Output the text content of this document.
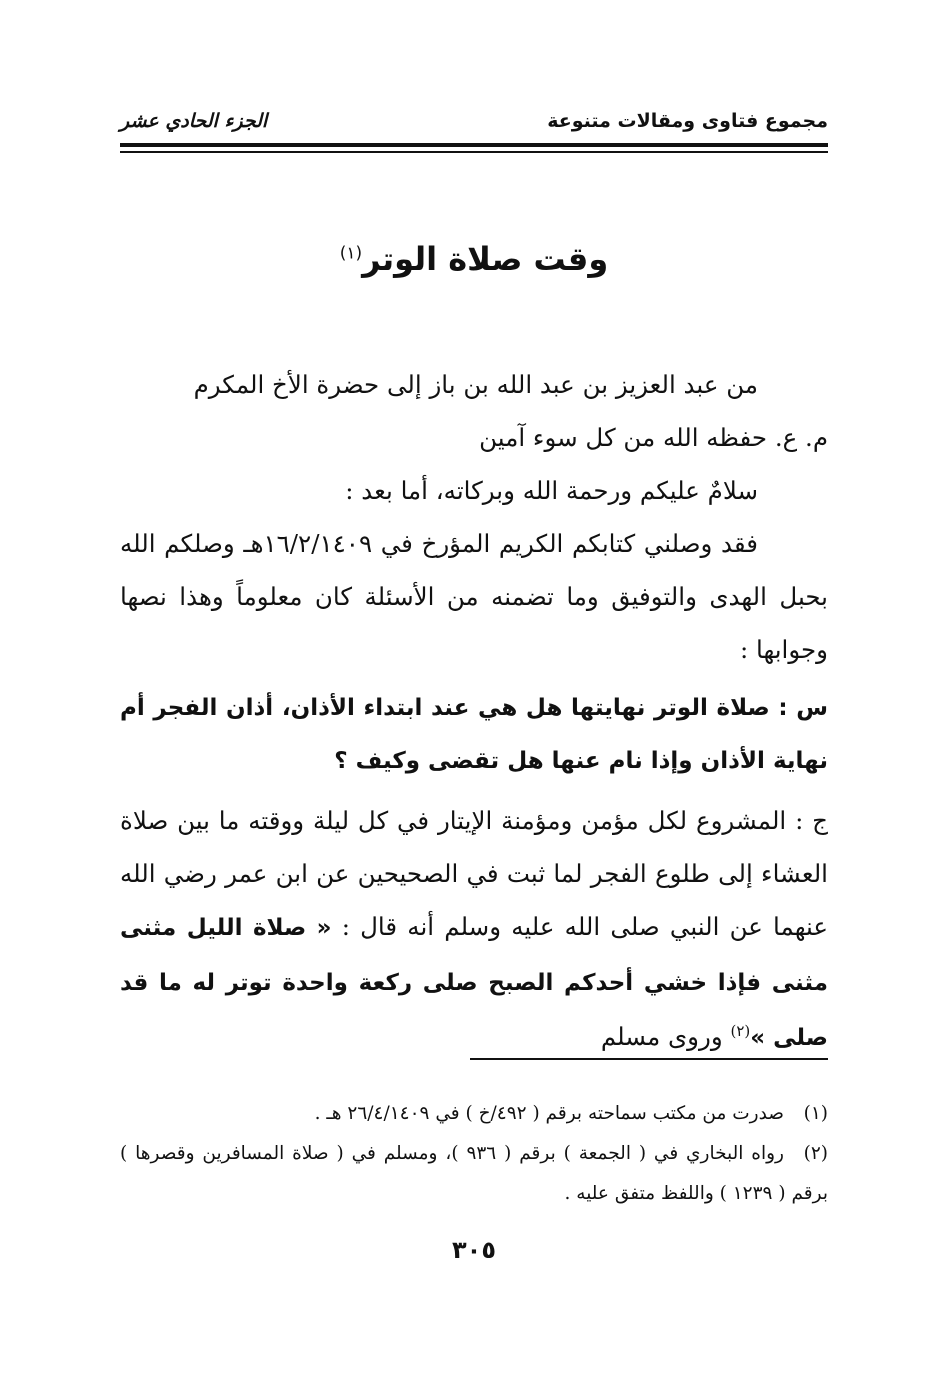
مجموع فتاوى ومقالات متنوعة
الجزء الحادي عشر
وقت صلاة الوتر$^{(١)}$

من عبد العزيز بن عبد الله بن باز إلى حضرة الأخ المكرم

م. ع. حفظه الله من كل سوء آمين

سلامٌ عليكم ورحمة الله وبركاته، أما بعد :

فقد وصلني كتابكم الكريم المؤرخ في ١٦/٢/١٤٠٩هـ وصلكم الله بحبل الهدى والتوفيق وما تضمنه من الأسئلة كان معلوماً وهذا نصها وجوابها :

س : صلاة الوتر نهايتها هل هي عند ابتداء الأذان، أذان الفجر أم نهاية الأذان وإذا نام عنها هل تقضى وكيف ؟

ج : المشروع لكل مؤمن ومؤمنة الإيتار في كل ليلة ووقته ما بين صلاة العشاء إلى طلوع الفجر لما ثبت في الصحيحين عن ابن عمر رضي الله عنهما عن النبي صلى الله عليه وسلم أنه قال : « صلاة الليل مثنى مثنى فإذا خشي أحدكم الصبح صلى ركعة واحدة توتر له ما قد صلى »$^{(٢)}$ وروى مسلم

(١)صدرت من مكتب سماحته برقم ( ٤٩٢/خ ) في ٢٦/٤/١٤٠٩ هـ .

(٢)رواه البخاري في ( الجمعة ) برقم ( ٩٣٦ )، ومسلم في ( صلاة المسافرين وقصرها ) برقم ( ١٢٣٩ ) واللفظ متفق عليه .

٣٠٥
